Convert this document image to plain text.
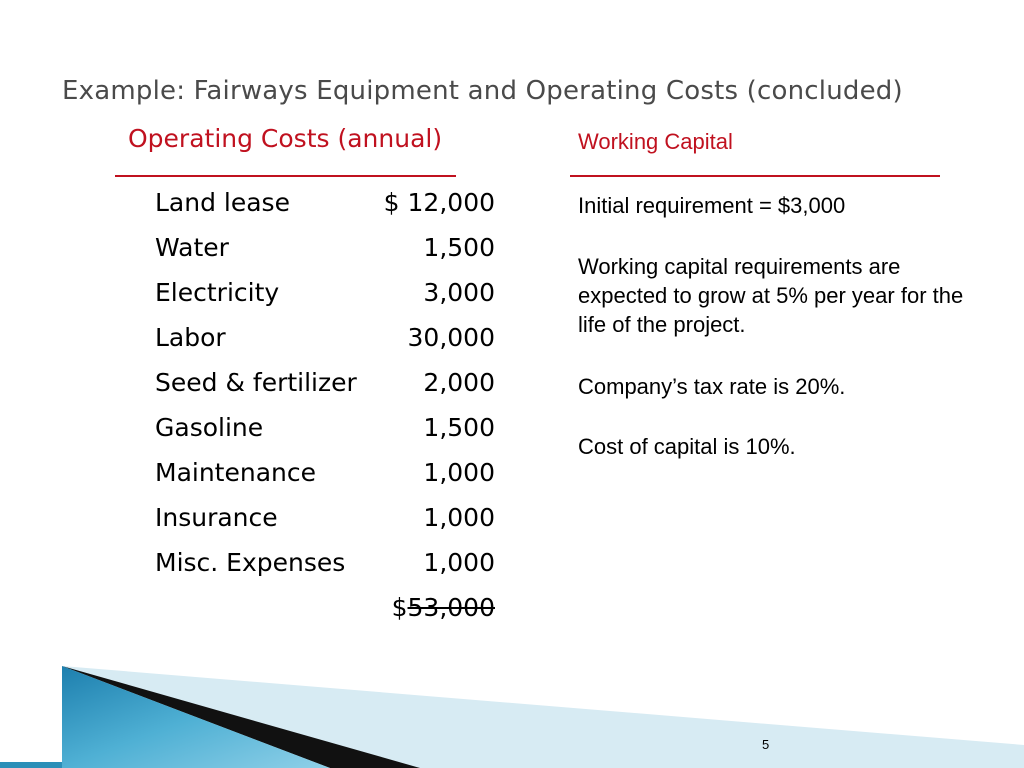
Example: Fairways Equipment and Operating Costs (concluded)
Operating Costs (annual)	Working Capital
Land lease	$ 12,000
Water	1,500
Electricity	3,000
Labor	30,000
Seed & fertilizer	2,000
Gasoline	1,500
Maintenance	1,000
Insurance	1,000
Misc. Expenses	1,000
$53,000
Initial requirement = $3,000
Working capital requirements are expected to grow at 5% per year for the life of the project.
Company’s tax rate is 20%.
Cost of capital is 10%.
5
